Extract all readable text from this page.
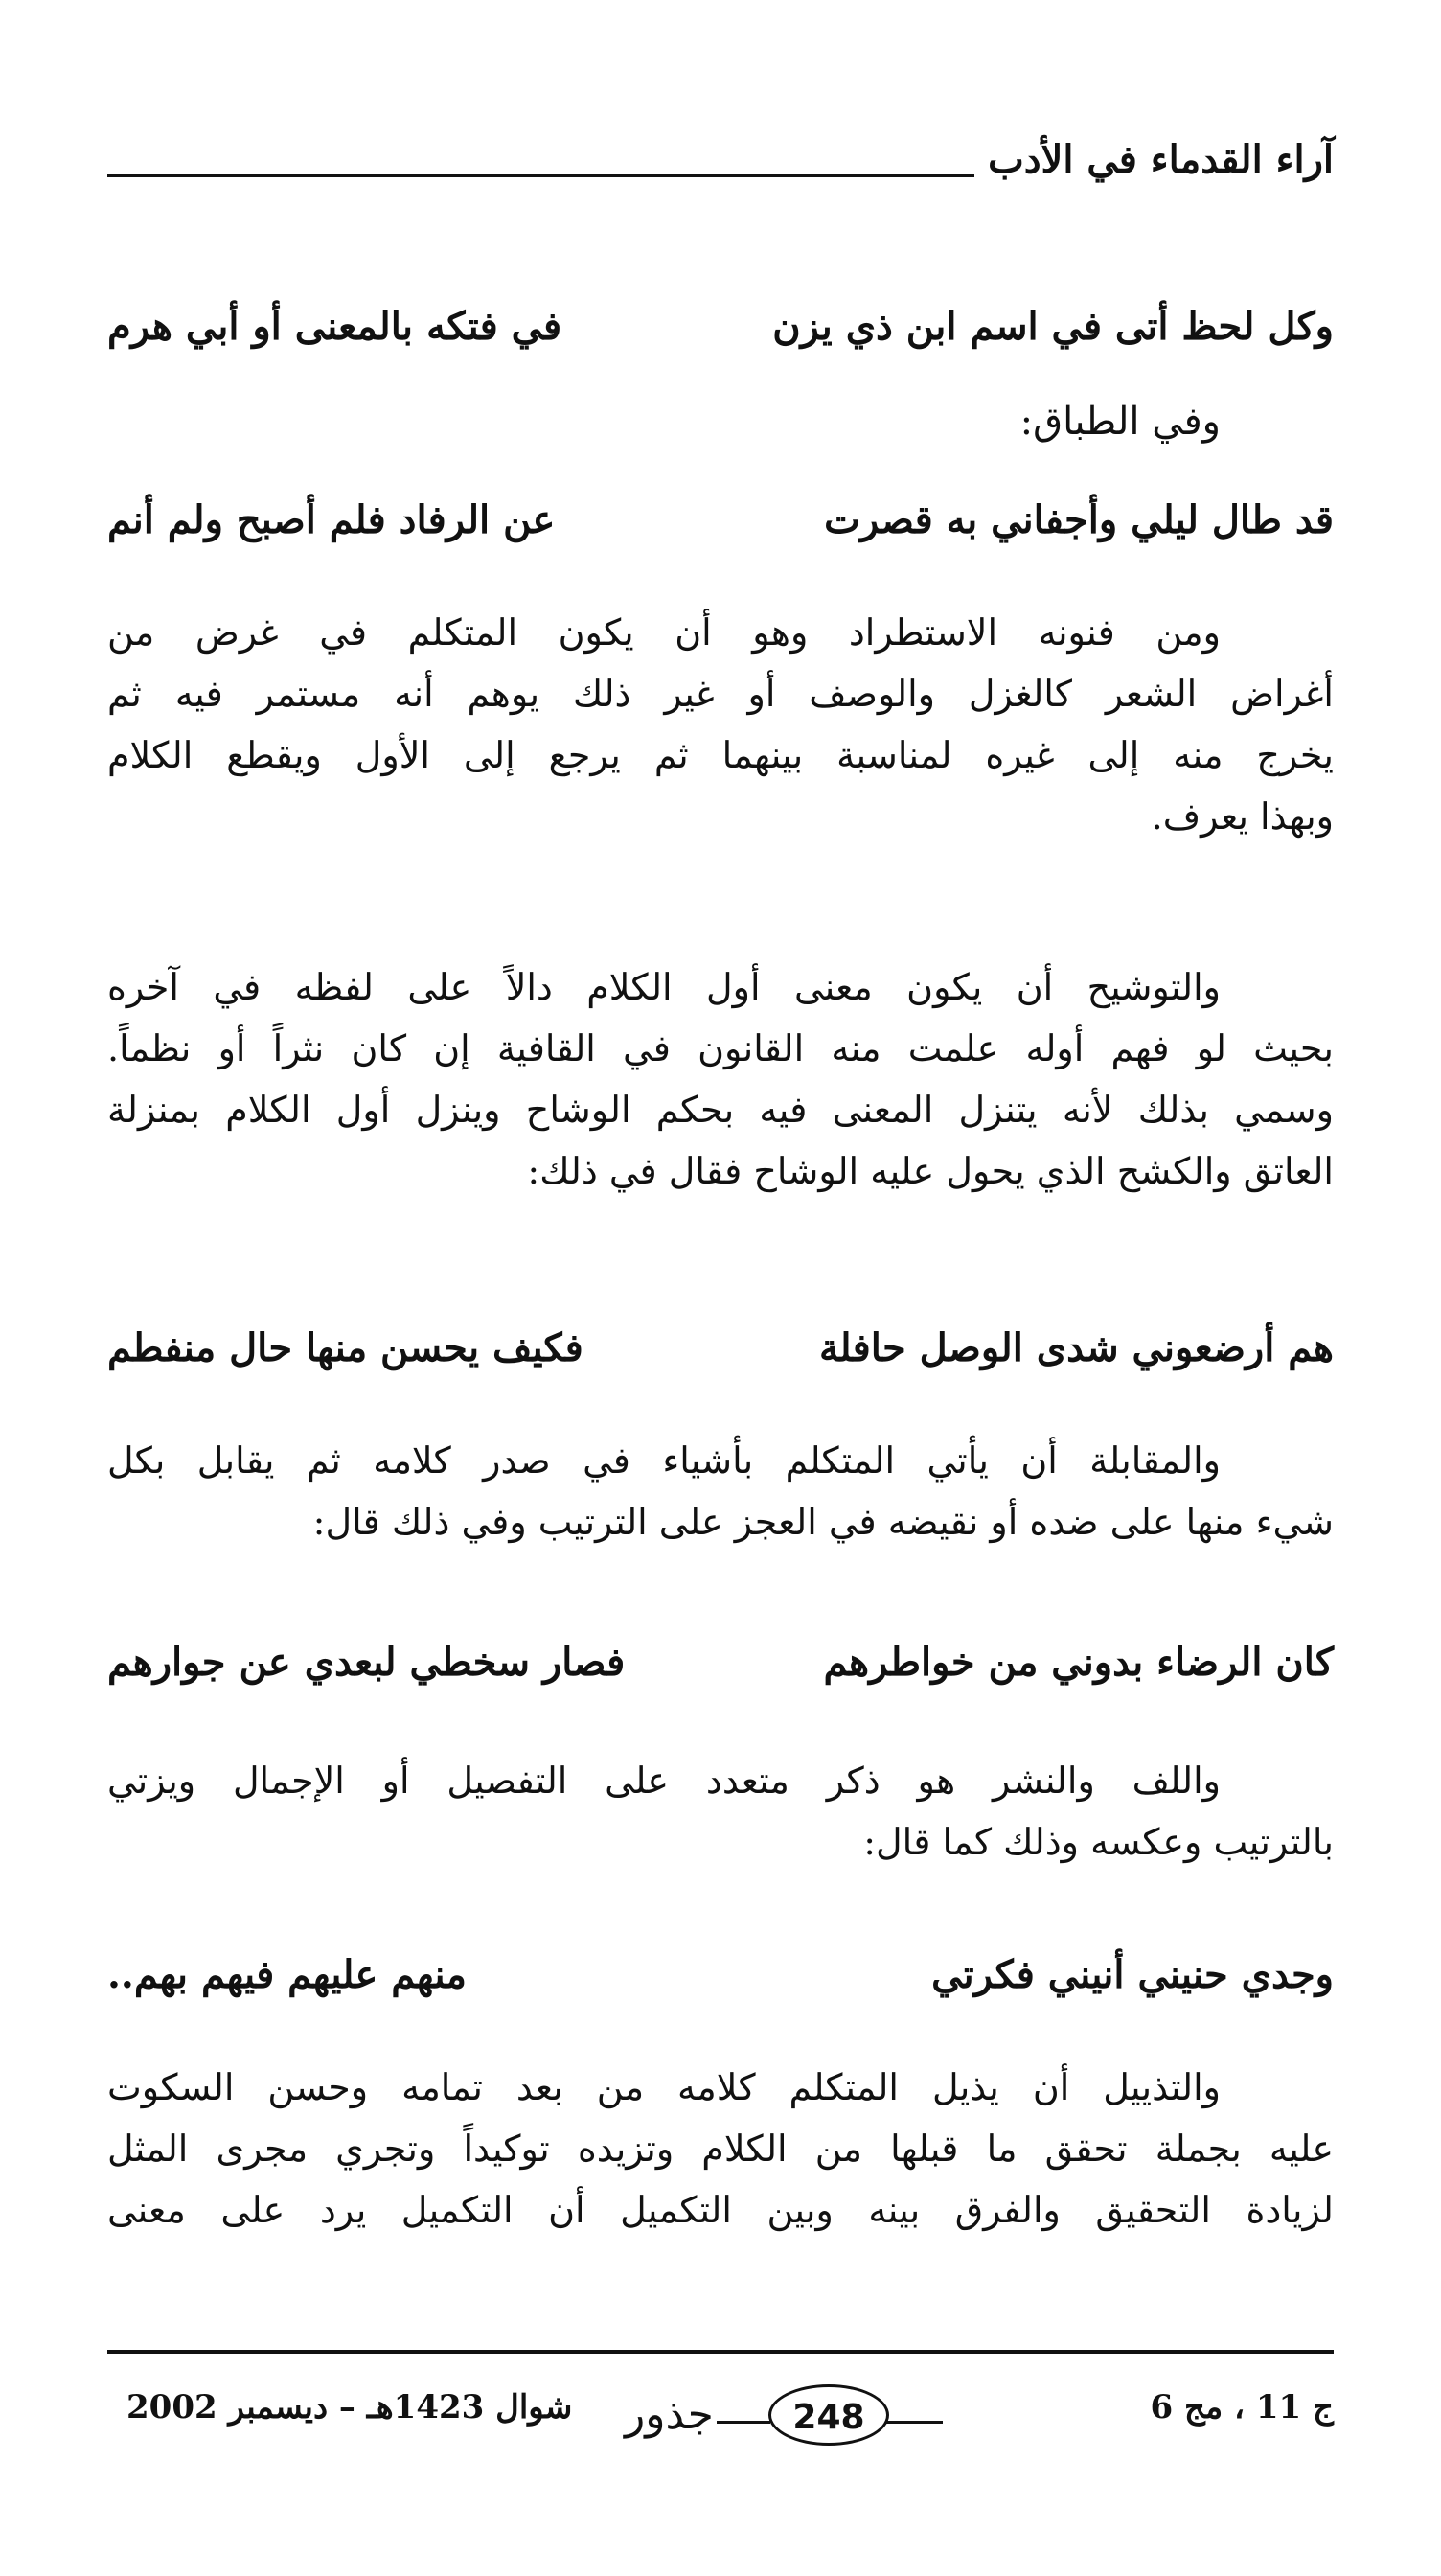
آراء القدماء في الأدب
وكل لحظ أتى في اسم ابن ذي يزن
في فتكه بالمعنى أو أبي هرم
وفي الطباق:
قد طال ليلي وأجفاني به قصرت
عن الرفاد فلم أصبح ولم أنم
ومن فنونه الاستطراد وهو أن يكون المتكلم في غرض من
أغراض الشعر كالغزل والوصف أو غير ذلك يوهم أنه مستمر فيه ثم
يخرج منه إلى غيره لمناسبة بينهما ثم يرجع إلى الأول ويقطع الكلام
وبهذا يعرف.
والتوشيح أن يكون معنى أول الكلام دالاً على لفظه في آخره
بحيث لو فهم أوله علمت منه القانون في القافية إن كان نثراً أو نظماً.
وسمي بذلك لأنه يتنزل المعنى فيه بحكم الوشاح وينزل أول الكلام بمنزلة
العاتق والكشح الذي يحول عليه الوشاح فقال في ذلك:
هم أرضعوني شدى الوصل حافلة
فكيف يحسن منها حال منفطم
والمقابلة أن يأتي المتكلم بأشياء في صدر كلامه ثم يقابل بكل
شيء منها على ضده أو نقيضه في العجز على الترتيب وفي ذلك قال:
كان الرضاء بدوني من خواطرهم
فصار سخطي لبعدي عن جوارهم
واللف والنشر هو ذكر متعدد على التفصيل أو الإجمال ويزتي
بالترتيب وعكسه وذلك كما قال:
وجدي حنيني أنيني فكرتي
منهم عليهم فيهم بهم..
والتذييل أن يذيل المتكلم كلامه من بعد تمامه وحسن السكوت
عليه بجملة تحقق ما قبلها من الكلام وتزيده توكيداً وتجري مجرى المثل
لزيادة التحقيق والفرق بينه وبين التكميل أن التكميل يرد على معنى
ج 11 ، مج 6
جذور	248
شوال 1423هـ – ديسمبر 2002
